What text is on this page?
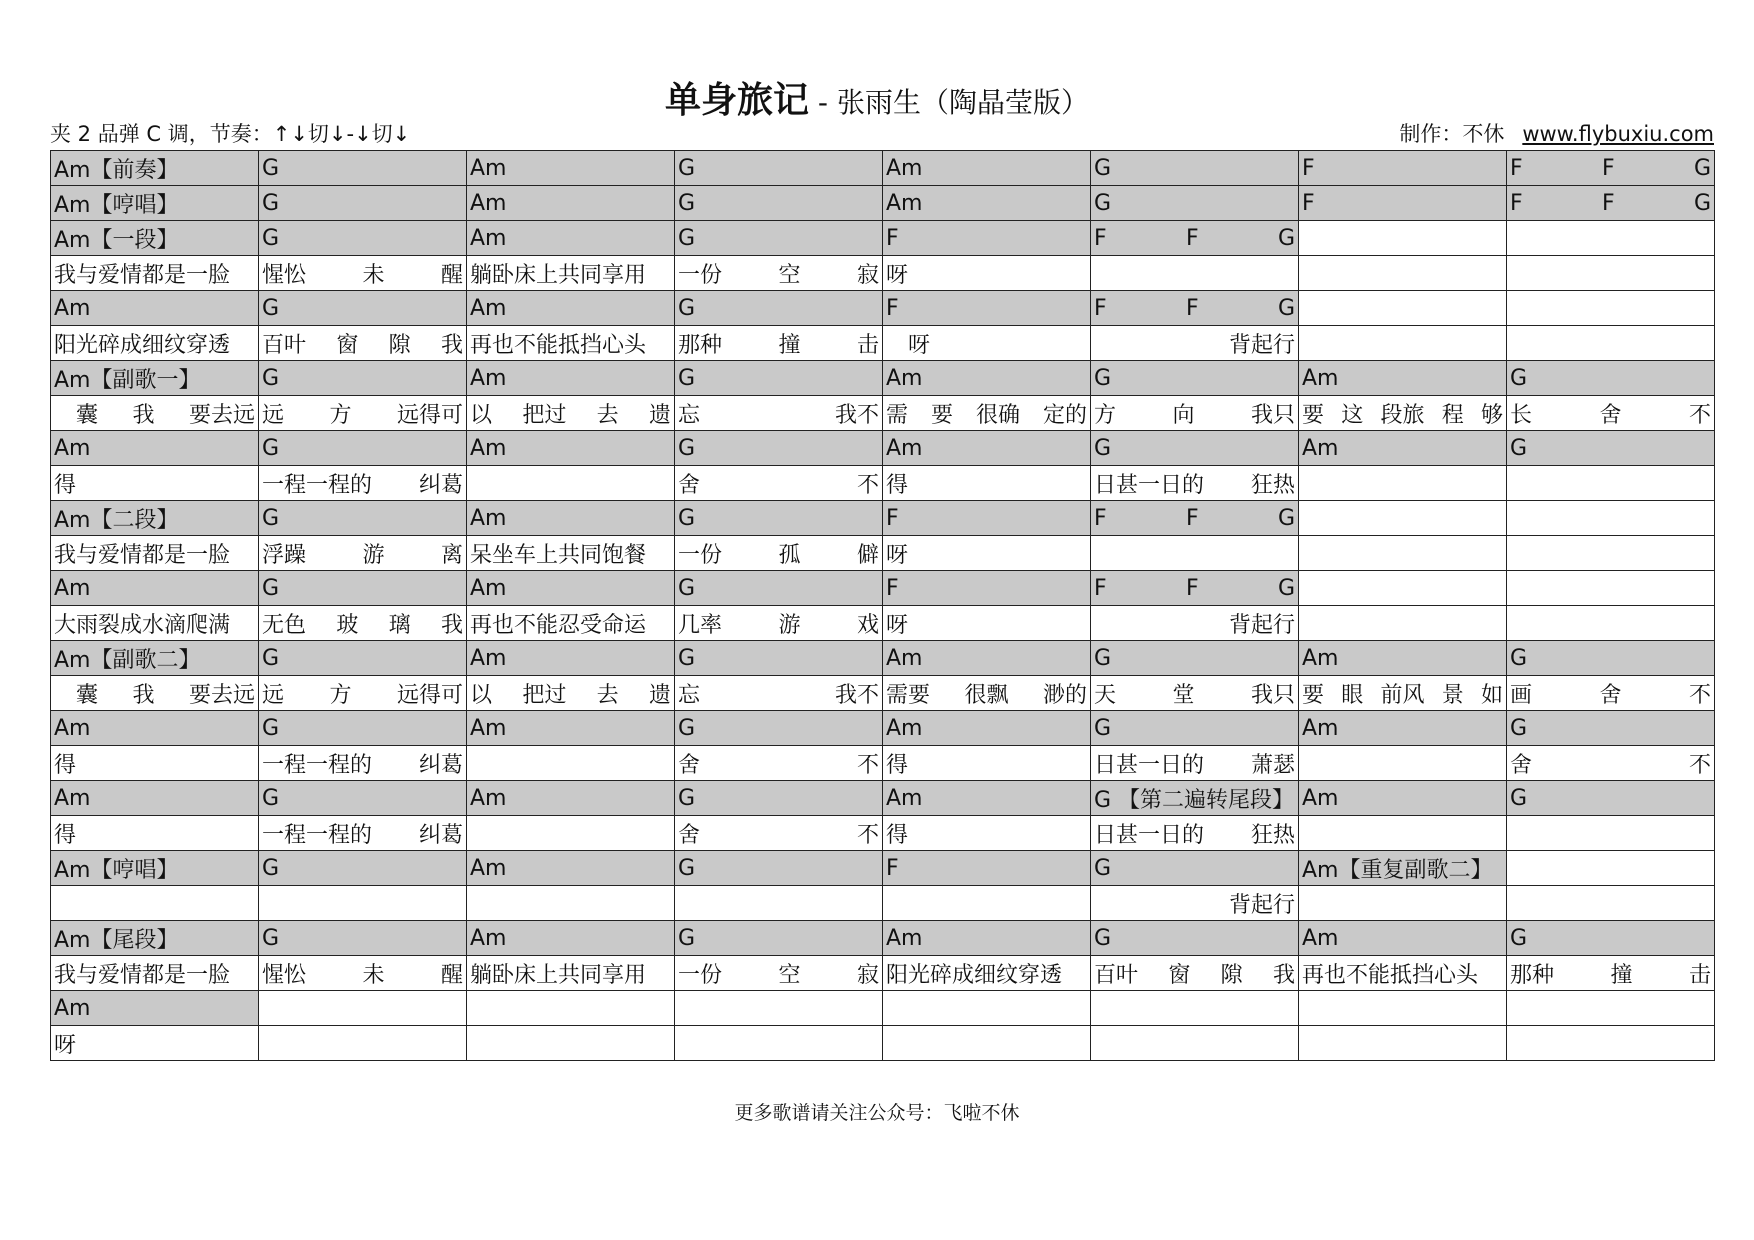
单身旅记 - 张雨生（陶晶莹版）
夹 2 品弹 C 调，节奏：↑↓切↓-↓切↓	制作：不休 www.flybuxiu.com
Am【前奏】	G	Am	G	Am	G	F	F F G

Am【哼唱】	G	Am	G	Am	G	F	F F G

Am【一段】	G	Am	G	F	F F G		

我与爱情都是一脸	惺忪 未 醒	躺卧床上共同享用	一份 空 寂	呀			

Am	G	Am	G	F	F F G		

阳光碎成细纹穿透	百叶 窗 隙 我	再也不能抵挡心头	那种 撞 击	　呀	背起行		

Am【副歌一】	G	Am	G	Am	G	Am	G

　囊 我 要去远	远 方 远得可	以 把过 去 遗	忘 我不	需 要 很确 定的	方 向 我只	要 这 段旅 程 够	长 舍 不

Am	G	Am	G	Am	G	Am	G

得	一程一程的 纠葛		舍 不	得	日甚一日的 狂热		

Am【二段】	G	Am	G	F	F F G		

我与爱情都是一脸	浮躁 游 离	呆坐车上共同饱餐	一份 孤 僻	呀			

Am	G	Am	G	F	F F G		

大雨裂成水滴爬满	无色 玻 璃 我	再也不能忍受命运	几率 游 戏	呀	背起行		

Am【副歌二】	G	Am	G	Am	G	Am	G

　囊 我 要去远	远 方 远得可	以 把过 去 遗	忘 我不	需要 很飘 渺的	天 堂 我只	要 眼 前风 景 如	画 舍 不

Am	G	Am	G	Am	G	Am	G

得	一程一程的 纠葛		舍 不	得	日甚一日的 萧瑟		舍 不

Am	G	Am	G	Am	G 【第二遍转尾段】	Am	G

得	一程一程的 纠葛		舍 不	得	日甚一日的 狂热		

Am【哼唱】	G	Am	G	F	G	Am【重复副歌二】	

					背起行		

Am【尾段】	G	Am	G	Am	G	Am	G

我与爱情都是一脸	惺忪 未 醒	躺卧床上共同享用	一份 空 寂	阳光碎成细纹穿透	百叶 窗 隙 我	再也不能抵挡心头	那种 撞 击

Am							

呀							

更多歌谱请关注公众号：飞啦不休
